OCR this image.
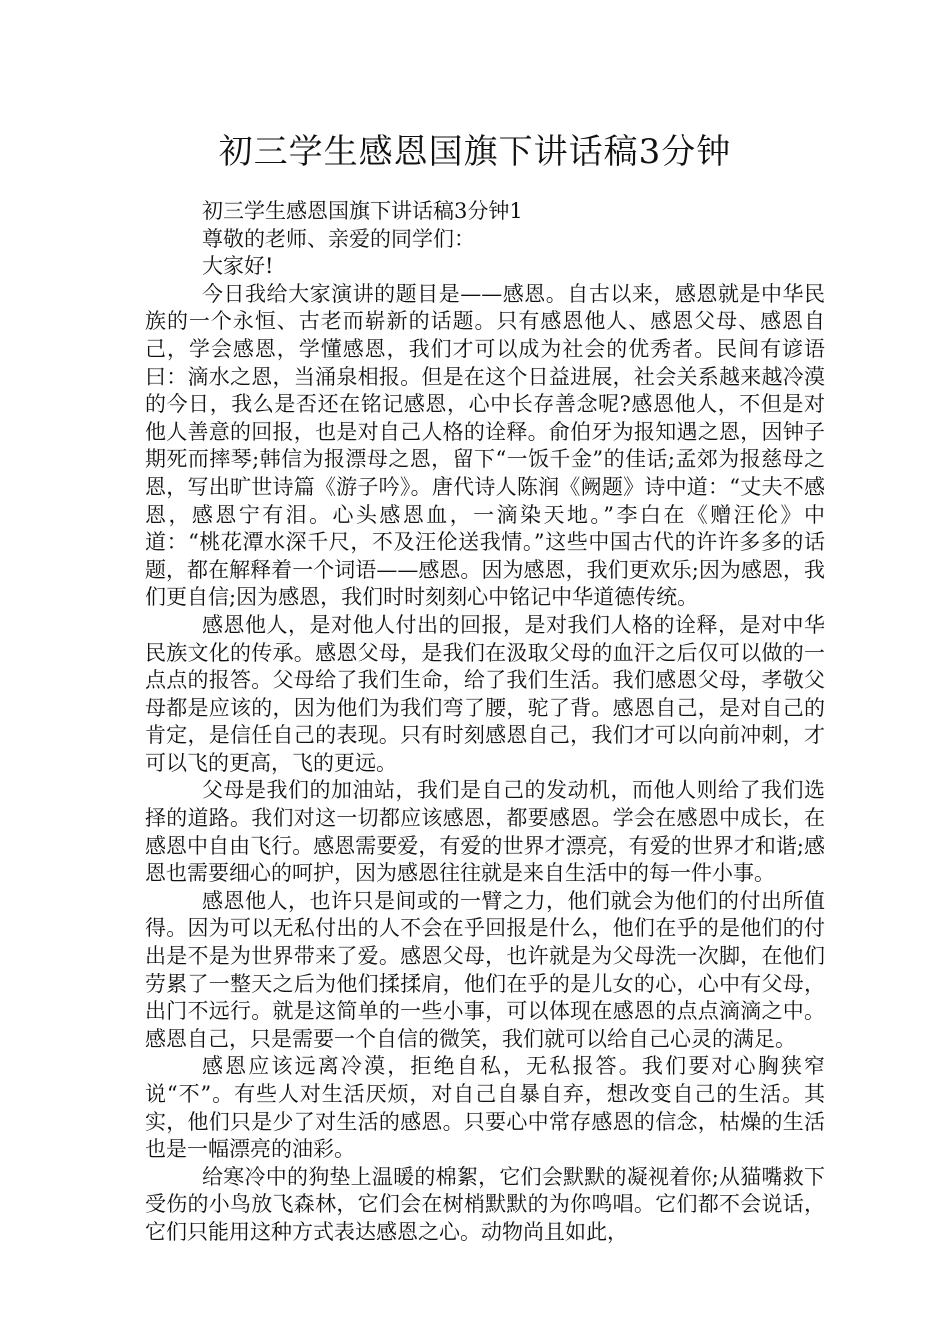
初三学生感恩国旗下讲话稿3分钟

初三学生感恩国旗下讲话稿3分钟1

尊敬的老师、亲爱的同学们：

大家好!

今日我给大家演讲的题目是——感恩。自古以来，感恩就是中华民族的一个永恒、古老而崭新的话题。只有感恩他人、感恩父母、感恩自己，学会感恩，学懂感恩，我们才可以成为社会的优秀者。民间有谚语曰：滴水之恩，当涌泉相报。但是在这个日益进展，社会关系越来越冷漠的今日，我么是否还在铭记感恩，心中长存善念呢?感恩他人，不但是对他人善意的回报，也是对自己人格的诠释。俞伯牙为报知遇之恩，因钟子期死而摔琴;韩信为报漂母之恩，留下“一饭千金”的佳话;孟郊为报慈母之恩，写出旷世诗篇《游子吟》。唐代诗人陈润《阙题》诗中道：“丈夫不感恩，感恩宁有泪。心头感恩血，一滴染天地。”李白在《赠汪伦》中道：“桃花潭水深千尺，不及汪伦送我情。”这些中国古代的许许多多的话题，都在解释着一个词语——感恩。因为感恩，我们更欢乐;因为感恩，我们更自信;因为感恩，我们时时刻刻心中铭记中华道德传统。

感恩他人，是对他人付出的回报，是对我们人格的诠释，是对中华民族文化的传承。感恩父母，是我们在汲取父母的血汗之后仅可以做的一点点的报答。父母给了我们生命，给了我们生活。我们感恩父母，孝敬父母都是应该的，因为他们为我们弯了腰，驼了背。感恩自己，是对自己的肯定，是信任自己的表现。只有时刻感恩自己，我们才可以向前冲刺，才可以飞的更高，飞的更远。

父母是我们的加油站，我们是自己的发动机，而他人则给了我们选择的道路。我们对这一切都应该感恩，都要感恩。学会在感恩中成长，在感恩中自由飞行。感恩需要爱，有爱的世界才漂亮，有爱的世界才和谐;感恩也需要细心的呵护，因为感恩往往就是来自生活中的每一件小事。

感恩他人，也许只是间或的一臂之力，他们就会为他们的付出所值得。因为可以无私付出的人不会在乎回报是什么，他们在乎的是他们的付出是不是为世界带来了爱。感恩父母，也许就是为父母洗一次脚，在他们劳累了一整天之后为他们揉揉肩，他们在乎的是儿女的心，心中有父母，出门不远行。就是这简单的一些小事，可以体现在感恩的点点滴滴之中。感恩自己，只是需要一个自信的微笑，我们就可以给自己心灵的满足。

感恩应该远离冷漠，拒绝自私，无私报答。我们要对心胸狭窄说“不”。有些人对生活厌烦，对自己自暴自弃，想改变自己的生活。其实，他们只是少了对生活的感恩。只要心中常存感恩的信念，枯燥的生活也是一幅漂亮的油彩。

给寒冷中的狗垫上温暖的棉絮，它们会默默的凝视着你;从猫嘴救下受伤的小鸟放飞森林，它们会在树梢默默的为你鸣唱。它们都不会说话，它们只能用这种方式表达感恩之心。动物尚且如此，
